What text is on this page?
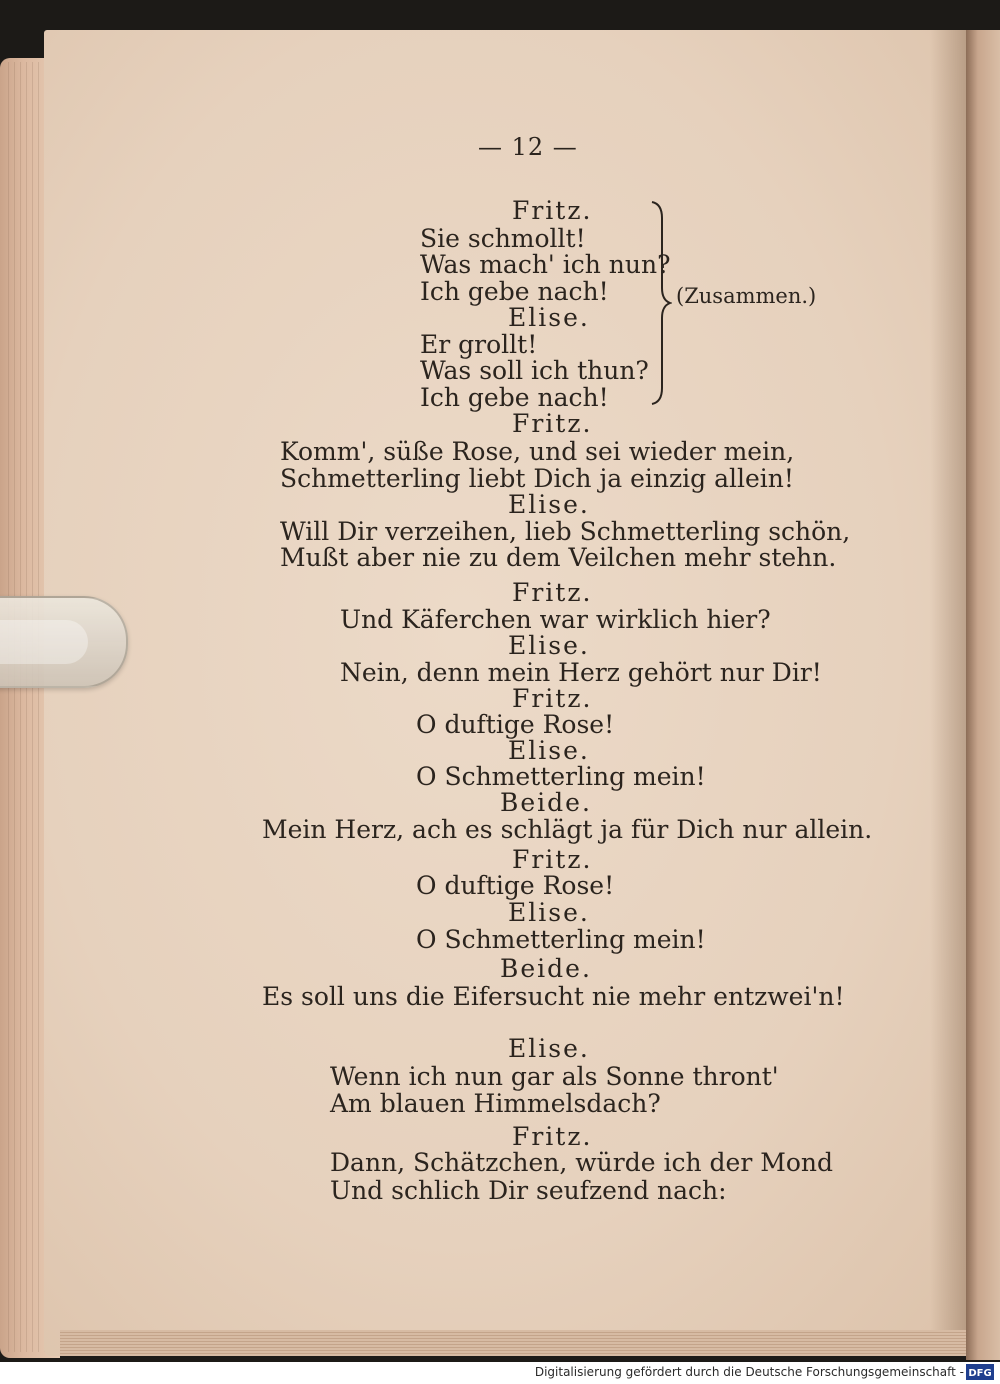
— 12 —
Fritz.
Sie schmollt!
Was mach' ich nun?
Ich gebe nach!
Elise.
Er grollt!
Was soll ich thun?
Ich gebe nach!
(Zusammen.)
Fritz.
Komm', süße Rose, und sei wieder mein,
Schmetterling liebt Dich ja einzig allein!
Elise.
Will Dir verzeihen, lieb Schmetterling schön,
Mußt aber nie zu dem Veilchen mehr stehn.
Fritz.
Und Käferchen war wirklich hier?
Elise.
Nein, denn mein Herz gehört nur Dir!
Fritz.
O duftige Rose!
Elise.
O Schmetterling mein!
Beide.
Mein Herz, ach es schlägt ja für Dich nur allein.
Fritz.
O duftige Rose!
Elise.
O Schmetterling mein!
Beide.
Es soll uns die Eifersucht nie mehr entzwei'n!
Elise.
Wenn ich nun gar als Sonne thront'
Am blauen Himmelsdach?
Fritz.
Dann, Schätzchen, würde ich der Mond
Und schlich Dir seufzend nach:
Digitalisierung gefördert durch die Deutsche Forschungsgemeinschaft - DFG
